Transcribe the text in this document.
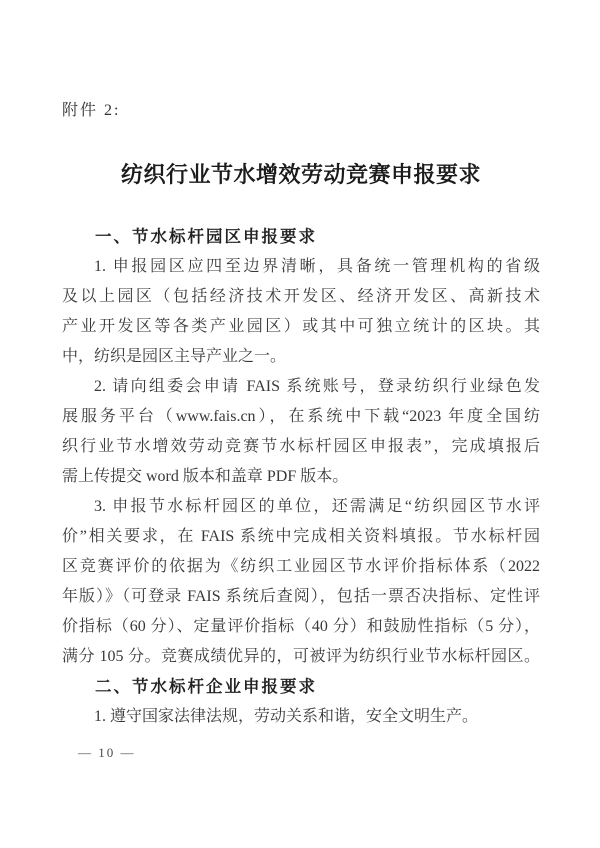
附件 2:
纺织行业节水增效劳动竞赛申报要求
一、节水标杆园区申报要求
1. 申报园区应四至边界清晰，具备统一管理机构的省级
及以上园区（包括经济技术开发区、经济开发区、高新技术
产业开发区等各类产业园区）或其中可独立统计的区块。其
中，纺织是园区主导产业之一。
2. 请向组委会申请 FAIS 系统账号，登录纺织行业绿色发
展服务平台（www.fais.cn），在系统中下载“2023 年度全国纺
织行业节水增效劳动竞赛节水标杆园区申报表”，完成填报后
需上传提交 word 版本和盖章 PDF 版本。
3. 申报节水标杆园区的单位，还需满足“纺织园区节水评
价”相关要求，在 FAIS 系统中完成相关资料填报。节水标杆园
区竞赛评价的依据为《纺织工业园区节水评价指标体系（2022
年版）》（可登录 FAIS 系统后查阅），包括一票否决指标、定性评
价指标（60 分）、定量评价指标（40 分）和鼓励性指标（5 分），
满分 105 分。竞赛成绩优异的，可被评为纺织行业节水标杆园区。
二、节水标杆企业申报要求
1. 遵守国家法律法规，劳动关系和谐，安全文明生产。
— 10 —
